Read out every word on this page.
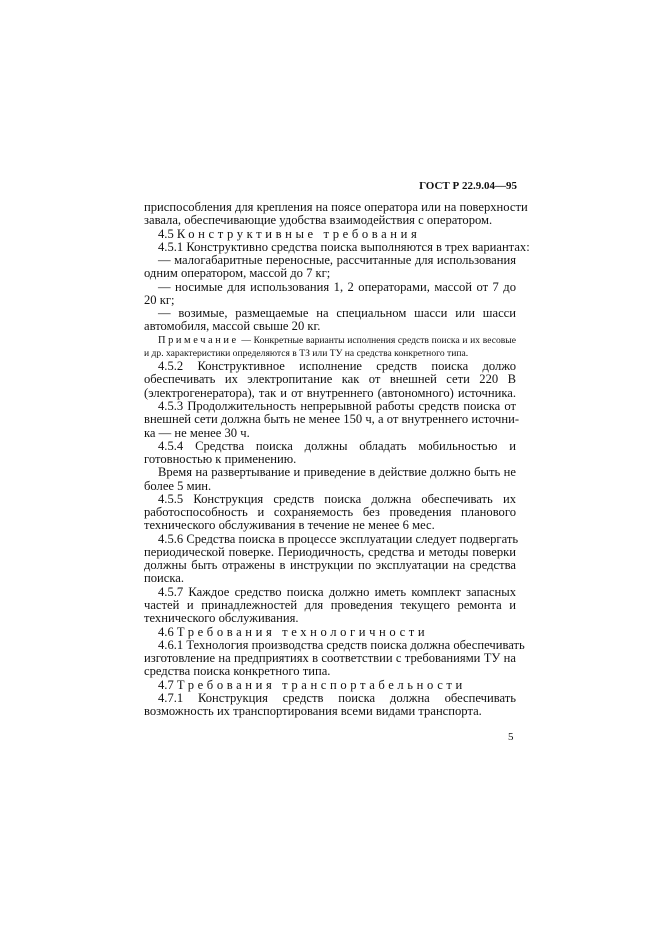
ГОСТ Р 22.9.04—95
приспособления для крепления на поясе оператора или на поверхности
завала, обеспечивающие удобства взаимодействия с оператором.
4.5 Конструктивные требования
4.5.1 Конструктивно средства поиска выполняются в трех вариантах:
— малогабаритные переносные, рассчитанные для использования
одним оператором, массой до 7 кг;
— носимые для использования 1, 2 операторами, массой от 7 до
20 кг;
— возимые, размещаемые на специальном шасси или шасси
автомобиля, массой свыше 20 кг.
Примечание — Конкретные варианты исполнения средств поиска и их весовые
и др. характеристики определяются в ТЗ или ТУ на средства конкретного типа.
4.5.2 Конструктивное исполнение средств поиска должо
обеспечивать их электропитание как от внешней сети 220 В
(электрогенератора), так и от внутреннего (автономного) источника.
4.5.3 Продолжительность непрерывной работы средств поиска от
внешней сети должна быть не менее 150 ч, а от внутреннего источни-
ка — не менее 30 ч.
4.5.4 Средства поиска должны обладать мобильностью и
готовностью к применению.
Время на развертывание и приведение в действие должно быть не
более 5 мин.
4.5.5 Конструкция средств поиска должна обеспечивать их
работоспособность и сохраняемость без проведения планового
технического обслуживания в течение не менее 6 мес.
4.5.6 Средства поиска в процессе эксплуатации следует подвергать
периодической поверке. Периодичность, средства и методы поверки
должны быть отражены в инструкции по эксплуатации на средства
поиска.
4.5.7 Каждое средство поиска должно иметь комплект запасных
частей и принадлежностей для проведения текущего ремонта и
технического обслуживания.
4.6 Требования технологичности
4.6.1 Технология производства средств поиска должна обеспечивать
изготовление на предприятиях в соответствии с требованиями ТУ на
средства поиска конкретного типа.
4.7 Требования транспортабельности
4.7.1 Конструкция средств поиска должна обеспечивать
возможность их транспортирования всеми видами транспорта.
5
